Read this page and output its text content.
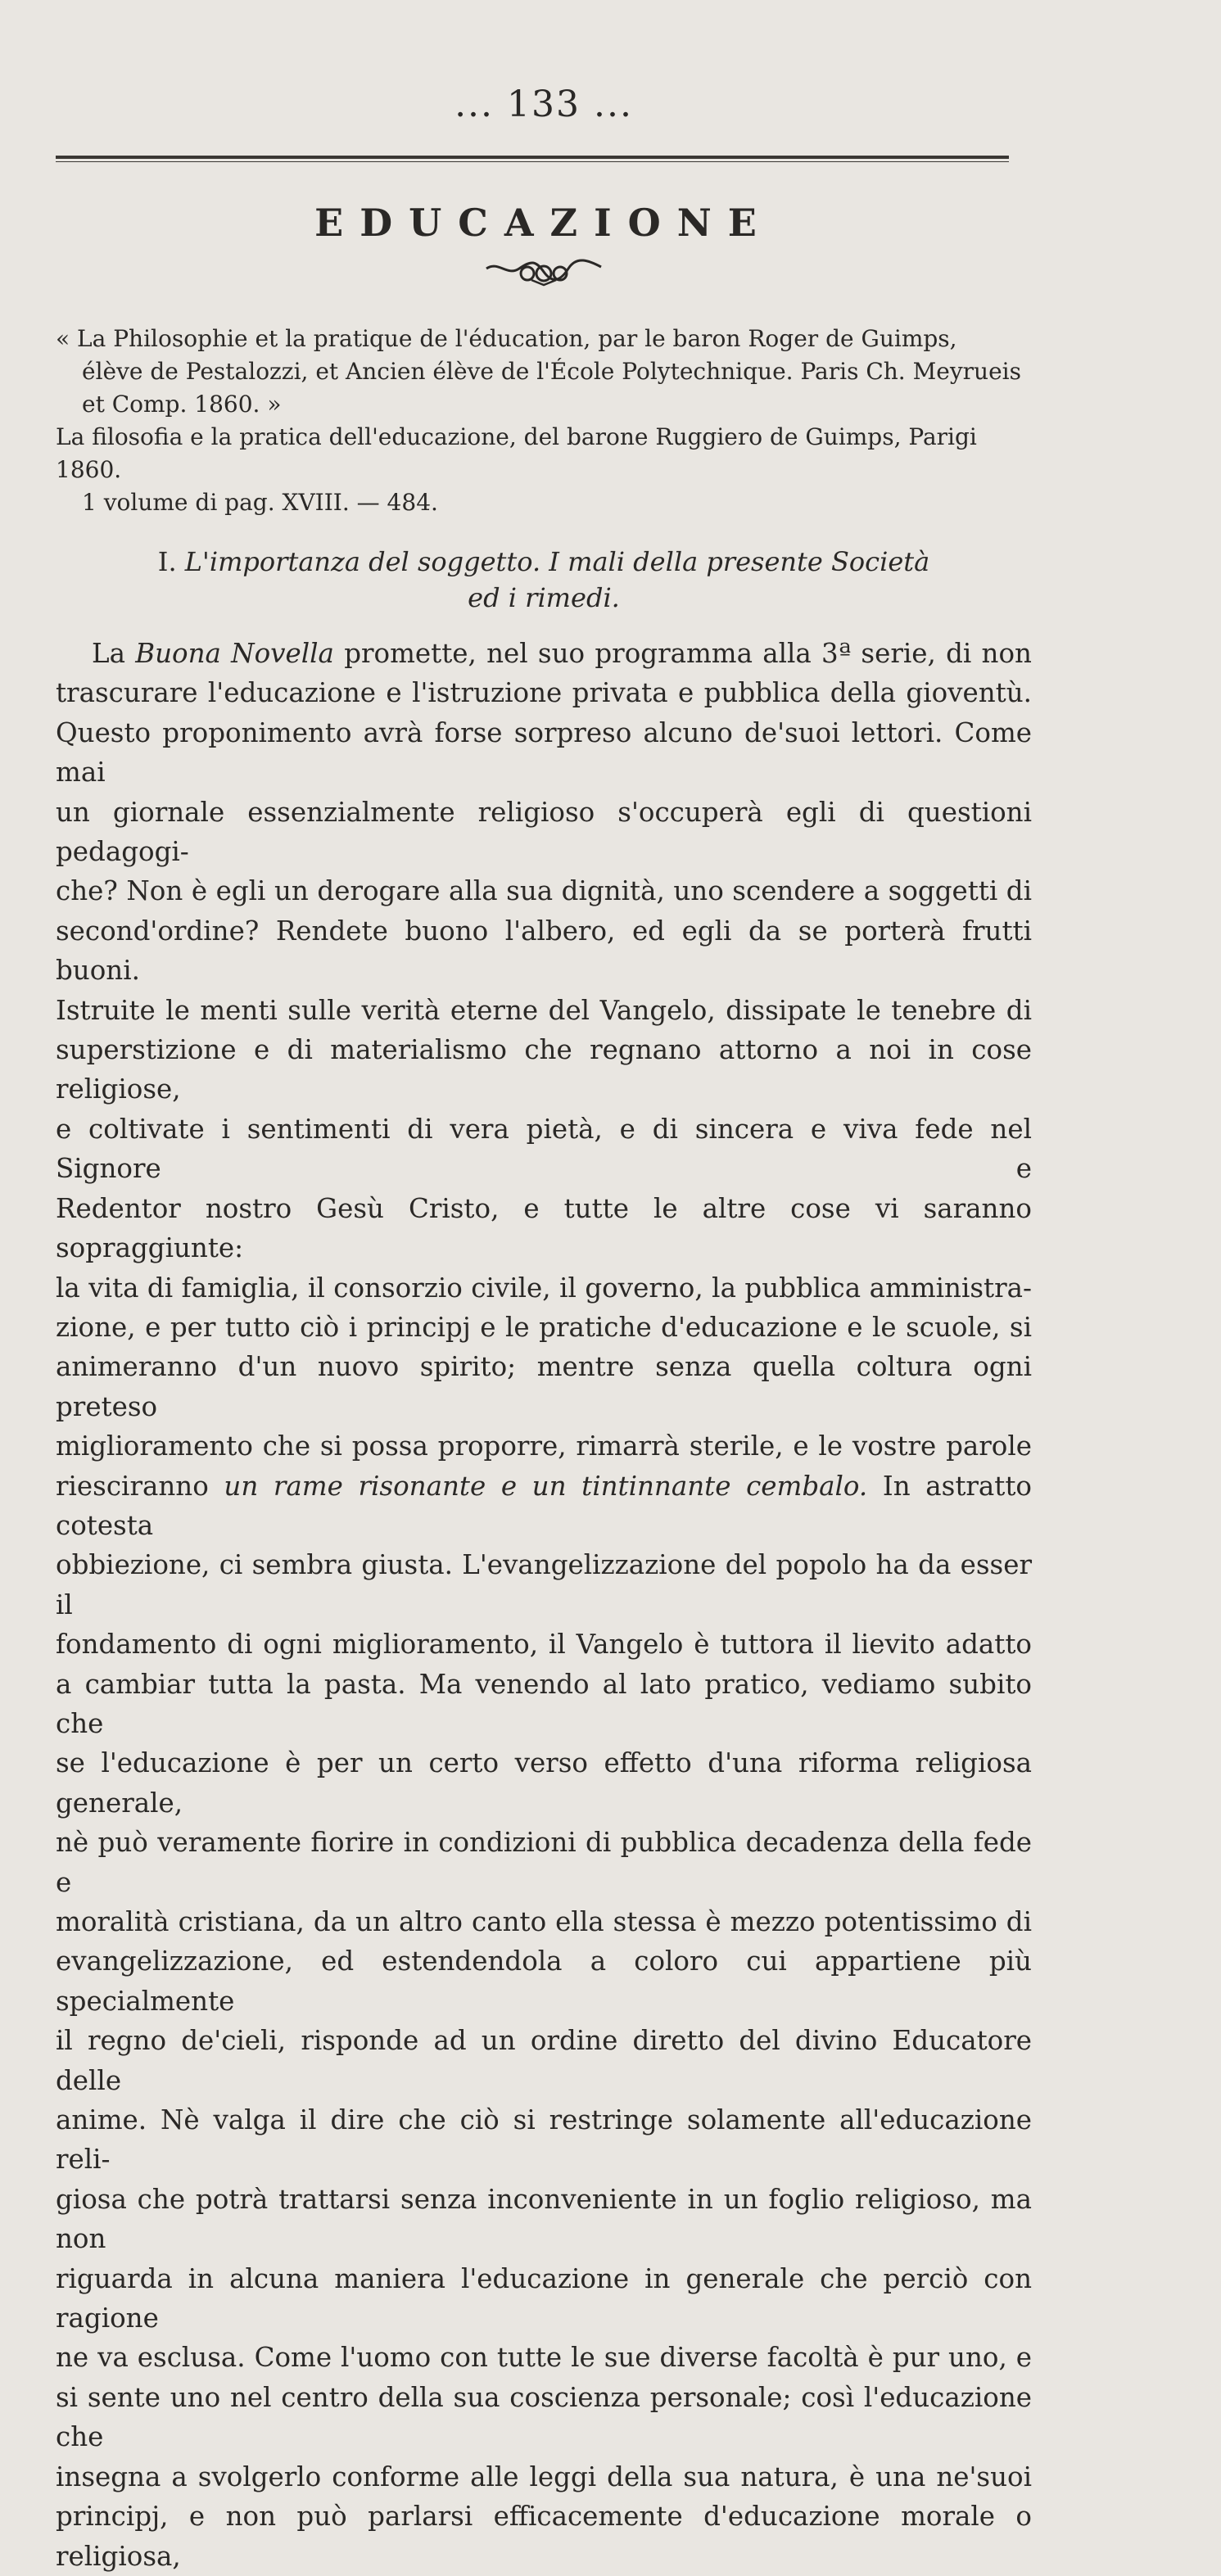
... 133 ...
EDUCAZIONE

« La Philosophie et la pratique de l'éducation, par le baron Roger de Guimps,

élève de Pestalozzi, et Ancien élève de l'École Polytechnique. Paris Ch. Meyrueis

et Comp. 1860. »

La filosofia e la pratica dell'educazione, del barone Ruggiero de Guimps, Parigi 1860.

1 volume di pag. XVIII. — 484.

I. L'importanza del soggetto. I mali della presente Società

ed i rimedi.

La Buona Novella promette, nel suo programma alla 3ª serie, di non
trascurare l'educazione e l'istruzione privata e pubblica della gioventù.
Questo proponimento avrà forse sorpreso alcuno de'suoi lettori. Come mai
un giornale essenzialmente religioso s'occuperà egli di questioni pedagogi-
che? Non è egli un derogare alla sua dignità, uno scendere a soggetti di
second'ordine? Rendete buono l'albero, ed egli da se porterà frutti buoni.
Istruite le menti sulle verità eterne del Vangelo, dissipate le tenebre di
superstizione e di materialismo che regnano attorno a noi in cose religiose,
e coltivate i sentimenti di vera pietà, e di sincera e viva fede nel Signore e
Redentor nostro Gesù Cristo, e tutte le altre cose vi saranno sopraggiunte:
la vita di famiglia, il consorzio civile, il governo, la pubblica amministra-
zione, e per tutto ciò i principj e le pratiche d'educazione e le scuole, si
animeranno d'un nuovo spirito; mentre senza quella coltura ogni preteso
miglioramento che si possa proporre, rimarrà sterile, e le vostre parole
riesciranno un rame risonante e un tintinnante cembalo. In astratto cotesta
obbiezione, ci sembra giusta. L'evangelizzazione del popolo ha da esser il
fondamento di ogni miglioramento, il Vangelo è tuttora il lievito adatto
a cambiar tutta la pasta. Ma venendo al lato pratico, vediamo subito che
se l'educazione è per un certo verso effetto d'una riforma religiosa generale,
nè può veramente fiorire in condizioni di pubblica decadenza della fede e
moralità cristiana, da un altro canto ella stessa è mezzo potentissimo di
evangelizzazione, ed estendendola a coloro cui appartiene più specialmente
il regno de'cieli, risponde ad un ordine diretto del divino Educatore delle
anime. Nè valga il dire che ciò si restringe solamente all'educazione reli-
giosa che potrà trattarsi senza inconveniente in un foglio religioso, ma non
riguarda in alcuna maniera l'educazione in generale che perciò con ragione
ne va esclusa. Come l'uomo con tutte le sue diverse facoltà è pur uno, e
si sente uno nel centro della sua coscienza personale; così l'educazione che
insegna a svolgerlo conforme alle leggi della sua natura, è una ne'suoi
principj, e non può parlarsi efficacemente d'educazione morale o religiosa,
